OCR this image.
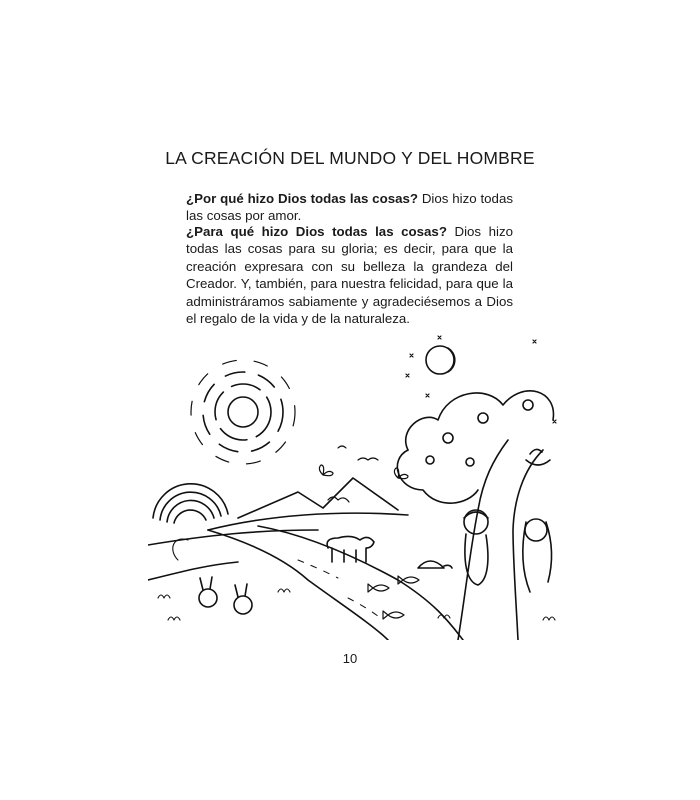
LA CREACIÓN DEL MUNDO Y DEL HOMBRE

¿Por qué hizo Dios todas las cosas? Dios hizo todas las cosas por amor.

¿Para qué hizo Dios todas las cosas? Dios hizo todas las cosas para su gloria; es decir, para que la creación expresara con su belleza la grandeza del Creador. Y, también, para nuestra felicidad, para que la administráramos sabiamente y agradeciésemos a Dios el regalo de la vida y de la naturaleza.

10
